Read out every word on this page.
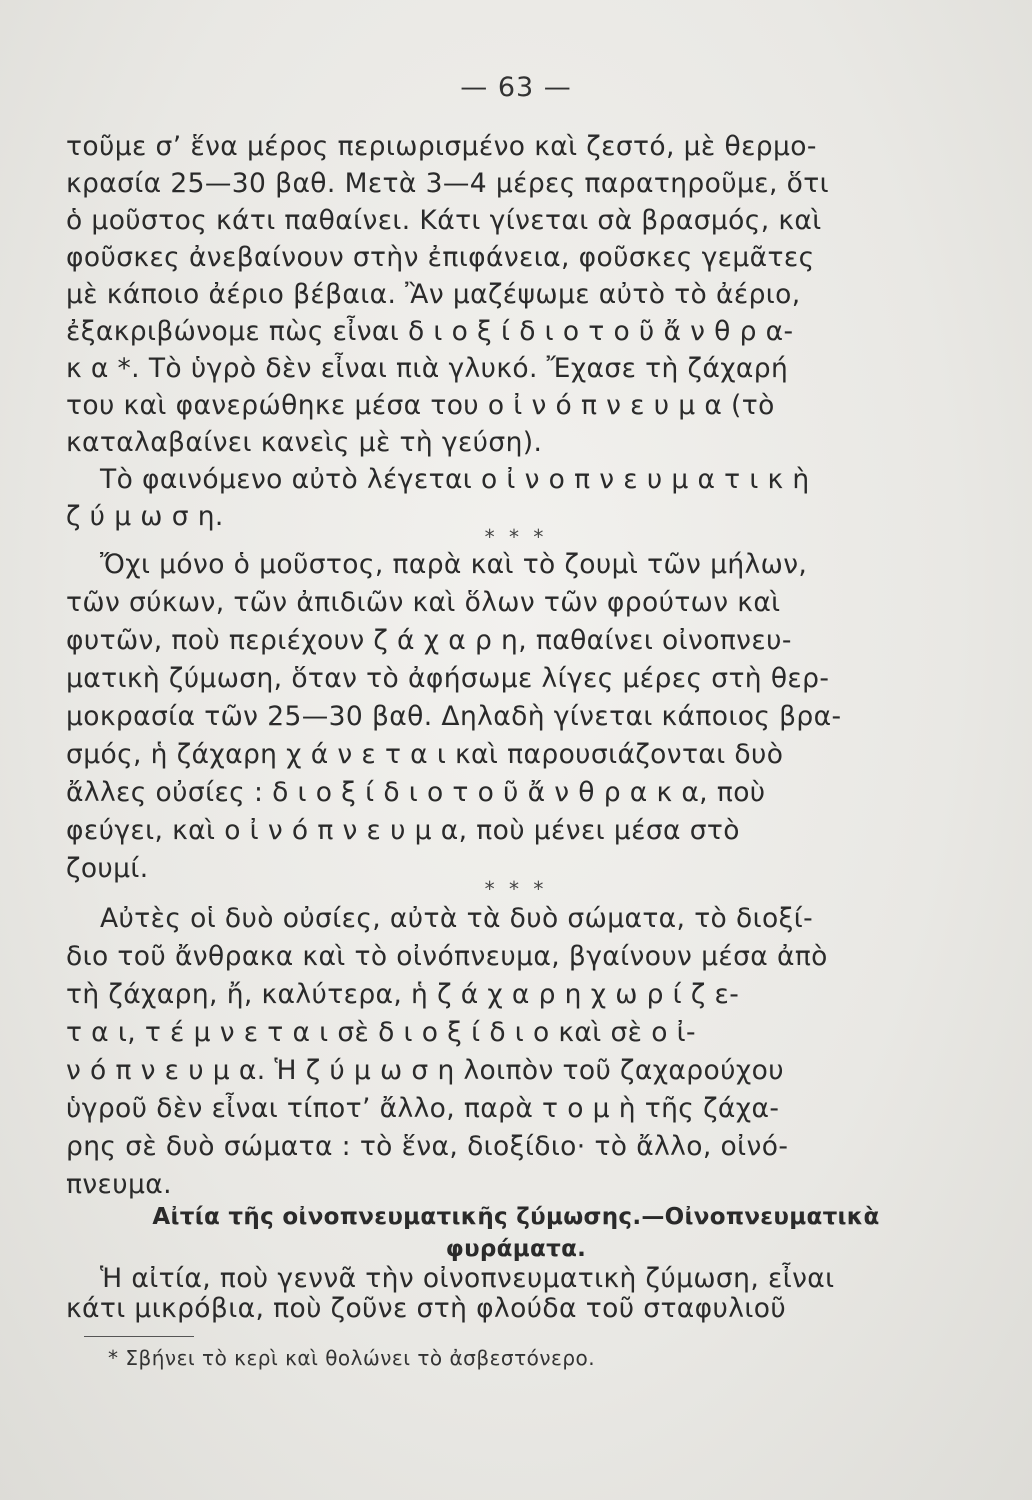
— 63 —
τοῦμε σ’ ἕνα μέρος περιωρισμένο καὶ ζεστό, μὲ θερμο-
κρασία 25—30 βαθ. Μετὰ 3—4 μέρες παρατηροῦμε, ὅτι
ὁ μοῦστος κάτι παθαίνει. Κάτι γίνεται σὰ βρασμός, καὶ
φοῦσκες ἀνεβαίνουν στὴν ἐπιφάνεια, φοῦσκες γεμᾶτες
μὲ κάποιο ἀέριο βέβαια. Ἂν μαζέψωμε αὐτὸ τὸ ἀέριο,
ἐξακριβώνομε πὼς εἶναι δ ι ο ξ ί δ ι ο τ ο ῦ ἄ ν θ ρ α-
κ α *. Τὸ ὑγρὸ δὲν εἶναι πιὰ γλυκό. Ἔχασε τὴ ζάχαρή
του καὶ φανερώθηκε μέσα του ο ἰ ν ό π ν ε υ μ α (τὸ
καταλαβαίνει κανεὶς μὲ τὴ γεύση).
Τὸ φαινόμενο αὐτὸ λέγεται ο ἰ ν ο π ν ε υ μ α τ ι κ ὴ
ζ ύ μ ω σ η.
* * *
Ὄχι μόνο ὁ μοῦστος, παρὰ καὶ τὸ ζουμὶ τῶν μήλων,
τῶν σύκων, τῶν ἀπιδιῶν καὶ ὅλων τῶν φρούτων καὶ
φυτῶν, ποὺ περιέχουν ζ ά χ α ρ η, παθαίνει οἰνοπνευ-
ματικὴ ζύμωση, ὅταν τὸ ἀφήσωμε λίγες μέρες στὴ θερ-
μοκρασία τῶν 25—30 βαθ. Δηλαδὴ γίνεται κάποιος βρα-
σμός, ἡ ζάχαρη χ ά ν ε τ α ι καὶ παρουσιάζονται δυὸ
ἄλλες οὐσίες : δ ι ο ξ ί δ ι ο τ ο ῦ ἄ ν θ ρ α κ α, ποὺ
φεύγει, καὶ ο ἰ ν ό π ν ε υ μ α, ποὺ μένει μέσα στὸ
ζουμί.
* * *
Αὐτὲς οἱ δυὸ οὐσίες, αὐτὰ τὰ δυὸ σώματα, τὸ διοξί-
διο τοῦ ἄνθρακα καὶ τὸ οἰνόπνευμα, βγαίνουν μέσα ἀπὸ
τὴ ζάχαρη, ἤ, καλύτερα, ἡ ζ ά χ α ρ η χ ω ρ ί ζ ε-
τ α ι, τ έ μ ν ε τ α ι σὲ δ ι ο ξ ί δ ι ο καὶ σὲ ο ἰ-
ν ό π ν ε υ μ α. Ἡ ζ ύ μ ω σ η λοιπὸν τοῦ ζαχαρούχου
ὑγροῦ δὲν εἶναι τίποτ’ ἄλλο, παρὰ τ ο μ ὴ τῆς ζάχα-
ρης σὲ δυὸ σώματα : τὸ ἕνα, διοξίδιο· τὸ ἄλλο, οἰνό-
πνευμα.
Αἰτία τῆς οἰνοπνευματικῆς ζύμωσης.—Οἰνοπνευματικὰ
φυράματα.
Ἡ αἰτία, ποὺ γεννᾶ τὴν οἰνοπνευματικὴ ζύμωση, εἶναι
κάτι μικρόβια, ποὺ ζοῦνε στὴ φλούδα τοῦ σταφυλιοῦ
* Σβήνει τὸ κερὶ καὶ θολώνει τὸ ἀσβεστόνερο.
